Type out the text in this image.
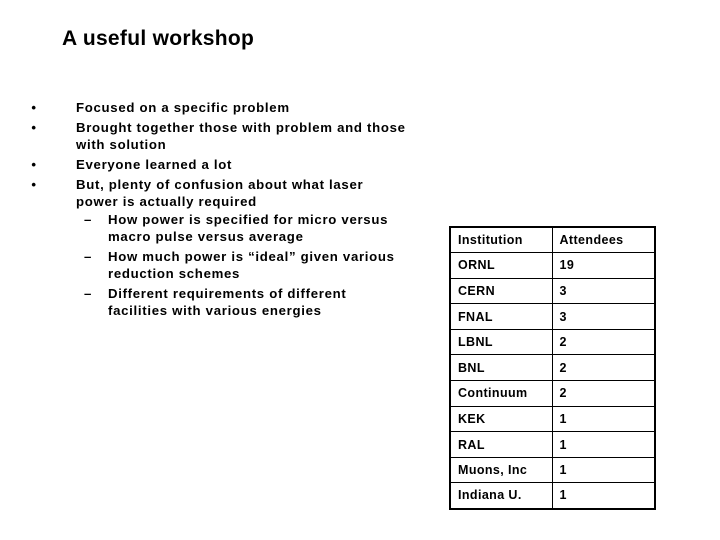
A useful workshop
•	Focused on a specific problem
•	Brought together those with problem and those with solution
•	Everyone learned a lot
•	But, plenty of confusion about what laser power is actually required
– How power is specified for micro versus macro pulse versus average
– How much power is “ideal” given various reduction schemes
– Different requirements of different facilities with various energies
Institution	Attendees
ORNL	19
CERN	3
FNAL	3
LBNL	2
BNL	2
Continuum	2
KEK	1
RAL	1
Muons, Inc	1
Indiana U.	1
